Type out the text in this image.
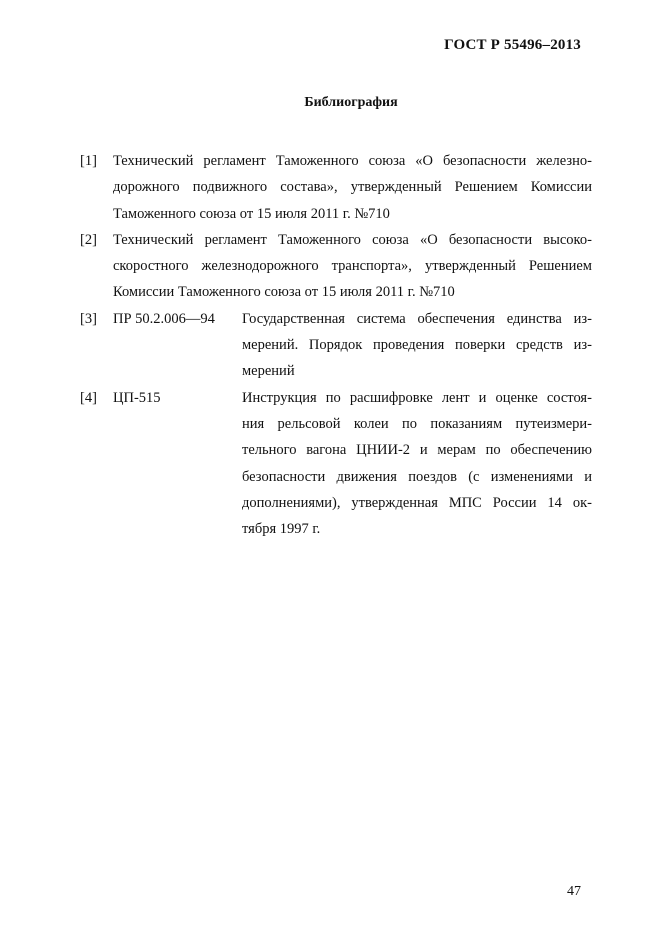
ГОСТ Р 55496–2013
Библиография
[1] Технический регламент Таможенного союза «О безопасности железно-
дорожного подвижного состава», утвержденный Решением Комиссии
Таможенного союза от 15 июля 2011 г. №710
[2] Технический регламент Таможенного союза «О безопасности высоко-
скоростного железнодорожного транспорта», утвержденный Решением
Комиссии Таможенного союза от 15 июля 2011 г. №710
[3] ПР 50.2.006—94 Государственная система обеспечения единства из-
мерений. Порядок проведения поверки средств из-
мерений
[4] ЦП-515	Инструкция по расшифровке лент и оценке состоя-
ния рельсовой колеи по показаниям путеизмери-
тельного вагона ЦНИИ-2 и мерам по обеспечению
безопасности движения поездов (с изменениями и
дополнениями), утвержденная МПС России 14 ок-
тября 1997 г.
47
